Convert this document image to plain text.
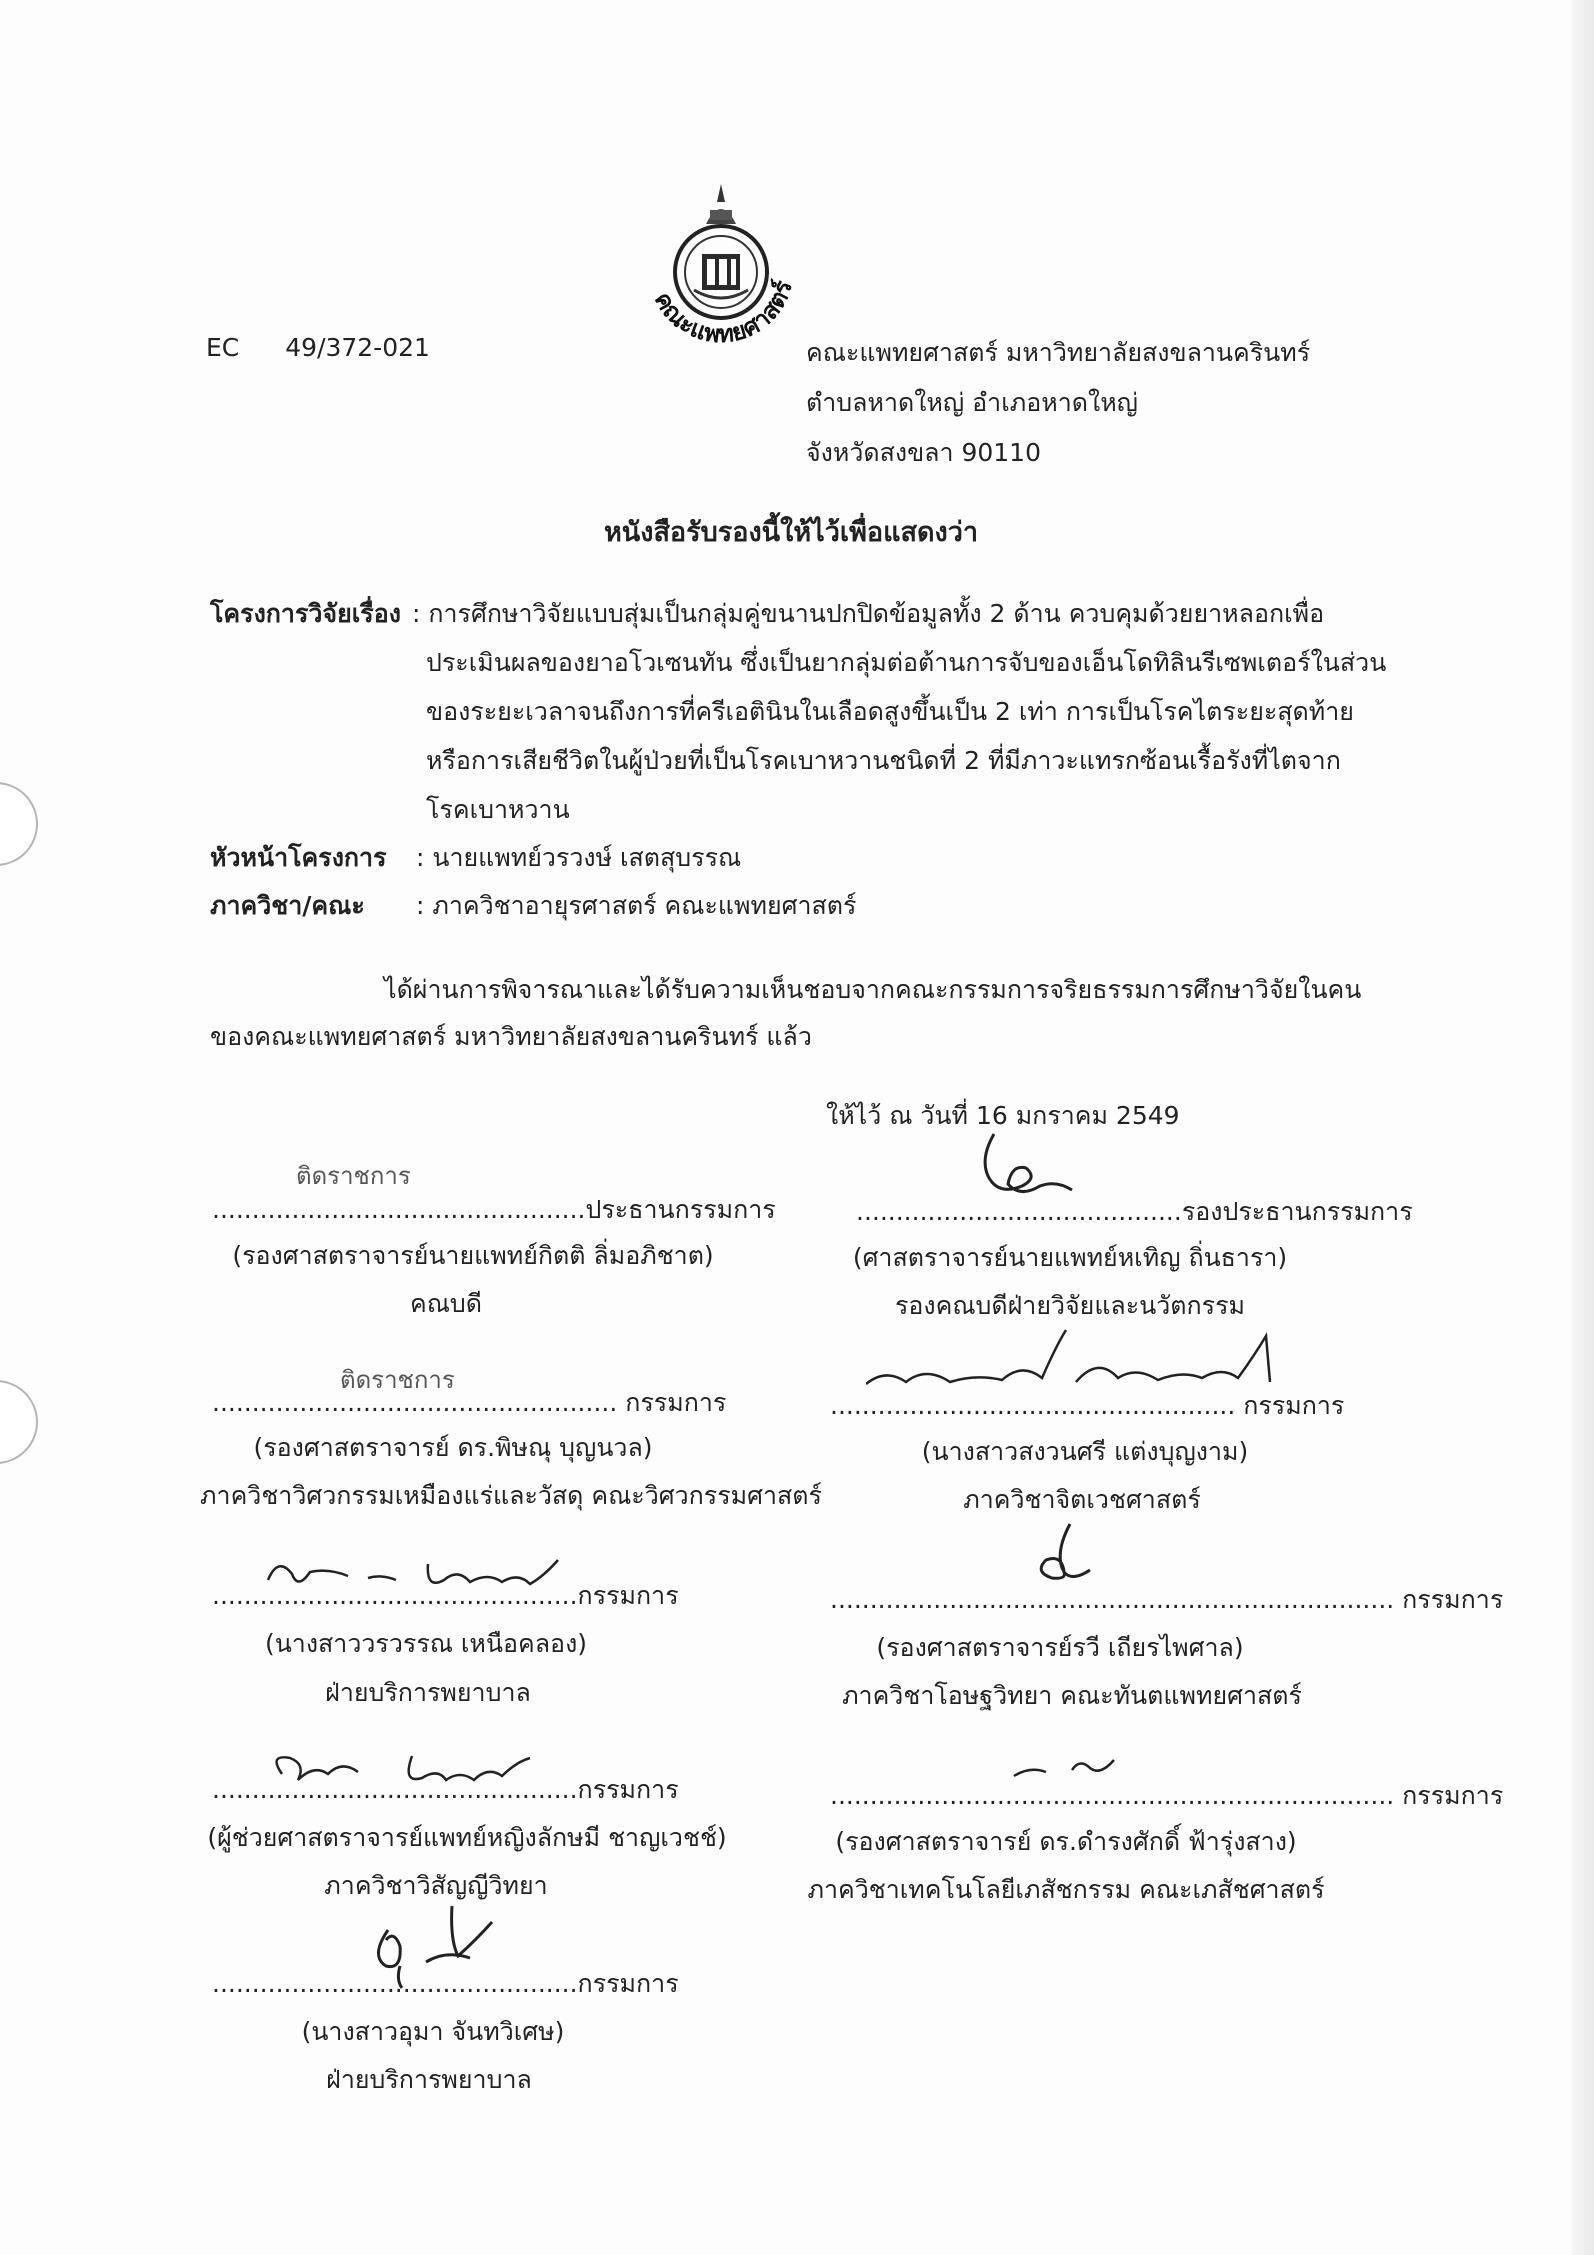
คณะแพทยศาสตร์
EC 49/372-021	คณะแพทยศาสตร์ มหาวิทยาลัยสงขลานครินทร์
ตำบลหาดใหญ่ อำเภอหาดใหญ่
จังหวัดสงขลา 90110
หนังสือรับรองนี้ให้ไว้เพื่อแสดงว่า
โครงการวิจัยเรื่อง : การศึกษาวิจัยแบบสุ่มเป็นกลุ่มคู่ขนานปกปิดข้อมูลทั้ง 2 ด้าน ควบคุมด้วยยาหลอกเพื่อ
ประเมินผลของยาอโวเซนทัน ซึ่งเป็นยากลุ่มต่อต้านการจับของเอ็นโดทิลินรีเซพเตอร์ในส่วน
ของระยะเวลาจนถึงการที่ครีเอตินินในเลือดสูงขึ้นเป็น 2 เท่า การเป็นโรคไตระยะสุดท้าย
หรือการเสียชีวิตในผู้ป่วยที่เป็นโรคเบาหวานชนิดที่ 2 ที่มีภาวะแทรกซ้อนเรื้อรังที่ไตจาก
โรคเบาหวาน
หัวหน้าโครงการ : นายแพทย์วรวงษ์ เสตสุบรรณ
ภาควิชา/คณะ : ภาควิชาอายุรศาสตร์ คณะแพทยศาสตร์
ได้ผ่านการพิจารณาและได้รับความเห็นชอบจากคณะกรรมการจริยธรรมการศึกษาวิจัยในคน
ของคณะแพทยศาสตร์ มหาวิทยาลัยสงขลานครินทร์ แล้ว
ให้ไว้ ณ วันที่ 16 มกราคม 2549
ติดราชการ
...............................................ประธานกรรมการ
(รองศาสตราจารย์นายแพทย์กิตติ ลิ่มอภิชาต)
คณบดี
.........................................รองประธานกรรมการ
(ศาสตราจารย์นายแพทย์หเทิญ ถิ่นธารา)
รองคณบดีฝ่ายวิจัยและนวัตกรรม
ติดราชการ
................................................... กรรมการ
(รองศาสตราจารย์ ดร.พิษณุ บุญนวล)
ภาควิชาวิศวกรรมเหมืองแร่และวัสดุ คณะวิศวกรรมศาสตร์
................................................... กรรมการ
(นางสาวสงวนศรี แต่งบุญงาม)
ภาควิชาจิตเวชศาสตร์
..............................................กรรมการ
(นางสาววรวรรณ เหนือคลอง)
ฝ่ายบริการพยาบาล
....................................................................... กรรมการ
(รองศาสตราจารย์รวี เถียรไพศาล)
ภาควิชาโอษฐวิทยา คณะทันตแพทยศาสตร์
..............................................กรรมการ
(ผู้ช่วยศาสตราจารย์แพทย์หญิงลักษมี ชาญเวชช์)
ภาควิชาวิสัญญีวิทยา
....................................................................... กรรมการ
(รองศาสตราจารย์ ดร.ดำรงศักดิ์ ฟ้ารุ่งสาง)
ภาควิชาเทคโนโลยีเภสัชกรรม คณะเภสัชศาสตร์
..............................................กรรมการ
(นางสาวอุมา จันทวิเศษ)
ฝ่ายบริการพยาบาล
